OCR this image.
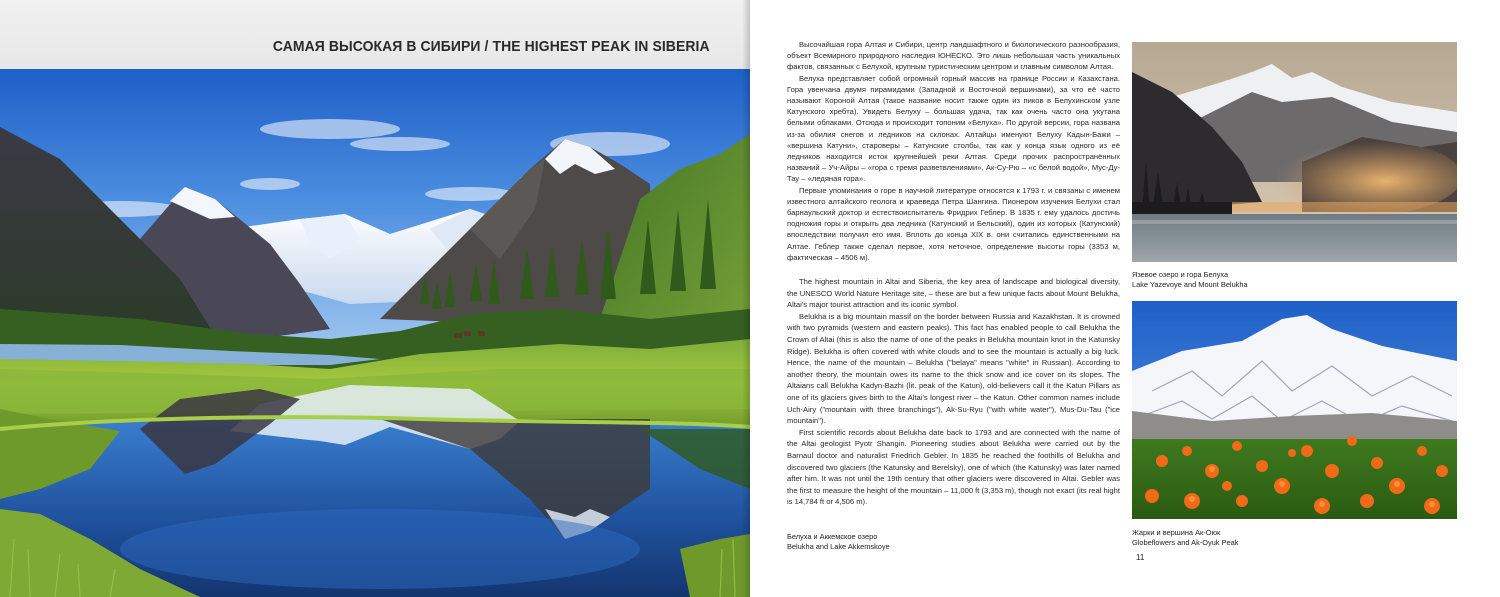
САМАЯ ВЫСОКАЯ В СИБИРИ / THE HIGHEST PEAK IN SIBERIA	Высочайшая гора Алтая и Сибири, центр ландшафтного и биологического разнообразия, объект Всемирного природного наследия ЮНЕСКО. Это лишь небольшая часть уникальных фактов, связанных с Белухой, крупным туристическим центром и главным символом Алтая.

Белуха представляет собой огромный горный массив на границе России и Казахстана. Гора увенчана двумя пирамидами (Западной и Восточной вершинами), за что её часто называют Короной Алтая (такое название носит также один из пиков в Белухинском узле Катунского хребта). Увидеть Белуху – большая удача, так как очень часто она укутана белыми облаками. Отсюда и происходит топоним «Белуха». По другой версии, гора названа из-за обилия снегов и ледников на склонах. Алтайцы именуют Белуху Кадын-Бажи – «вершина Катуни», староверы – Катунские столбы, так как у конца язык одного из её ледников находится исток крупнейшей реки Алтая. Среди прочих распространённых названий – Уч-Айры – «гора с тремя разветвлениями», Ак-Су-Рю – «с белой водой», Мус-Ду-Тау – «ледяная гора».

Первые упоминания о горе в научной литературе относятся к 1793 г. и связаны с именем известного алтайского геолога и краеведа Петра Шангина. Пионером изучения Белухи стал барнаульский доктор и естествоиспытатель Фридрих Геблер. В 1835 г. ему удалось достичь подножия горы и открыть два ледника (Катунский и Бельский), один из которых (Катунский) впоследствии получил его имя. Вплоть до конца XIX в. они считались единственными на Алтае. Геблер также сделал первое, хотя неточное, определение высоты горы (3353 м, фактическая – 4506 м).

The highest mountain in Altai and Siberia, the key area of landscape and biological diversity, the UNESCO World Nature Heritage site, – these are but a few unique facts about Mount Belukha, Altai's major tourist attraction and its iconic symbol.

Belukha is a big mountain massif on the border between Russia and Kazakhstan. It is crowned with two pyramids (western and eastern peaks). This fact has enabled people to call Belukha the Crown of Altai (this is also the name of one of the peaks in Belukha mountain knot in the Katunsky Ridge). Belukha is often covered with white clouds and to see the mountain is actually a big luck. Hence, the name of the mountain – Belukha ("belaya" means "white" in Russian). According to another theory, the mountain owes its name to the thick snow and ice cover on its slopes. The Altaians call Belukha Kadyn-Bazhi (lit. peak of the Katun), old-believers call it the Katun Pillars as one of its glaciers gives birth to the Altai's longest river – the Katun. Other common names include Uch-Airy ("mountain with three branchings"), Ak-Su-Ryu ("with white water"), Mus-Du-Tau ("ice mountain").

First scientific records about Belukha date back to 1793 and are connected with the name of the Altai geologist Pyotr Shangin. Pioneering studies about Belukha were carried out by the Barnaul doctor and naturalist Friedrich Gebler. In 1835 he reached the foothills of Belukha and discovered two glaciers (the Katunsky and Berelsky), one of which (the Katunsky) was later named after him. It was not until the 19th century that other glaciers were discovered in Altai. Gebler was the first to measure the height of the mountain – 11,000 ft (3,353 m), though not exact (its real hight is 14,784 ft or 4,506 m).

Белуха и Аккемское озеро
Belukha and Lake Akkemskoye
Язевое озеро и гора Белуха
Lake Yazevoye and Mount Belukha
Жарки и вершина Ак-Оюк
Globeflowers and Ak-Oyuk Peak
11
